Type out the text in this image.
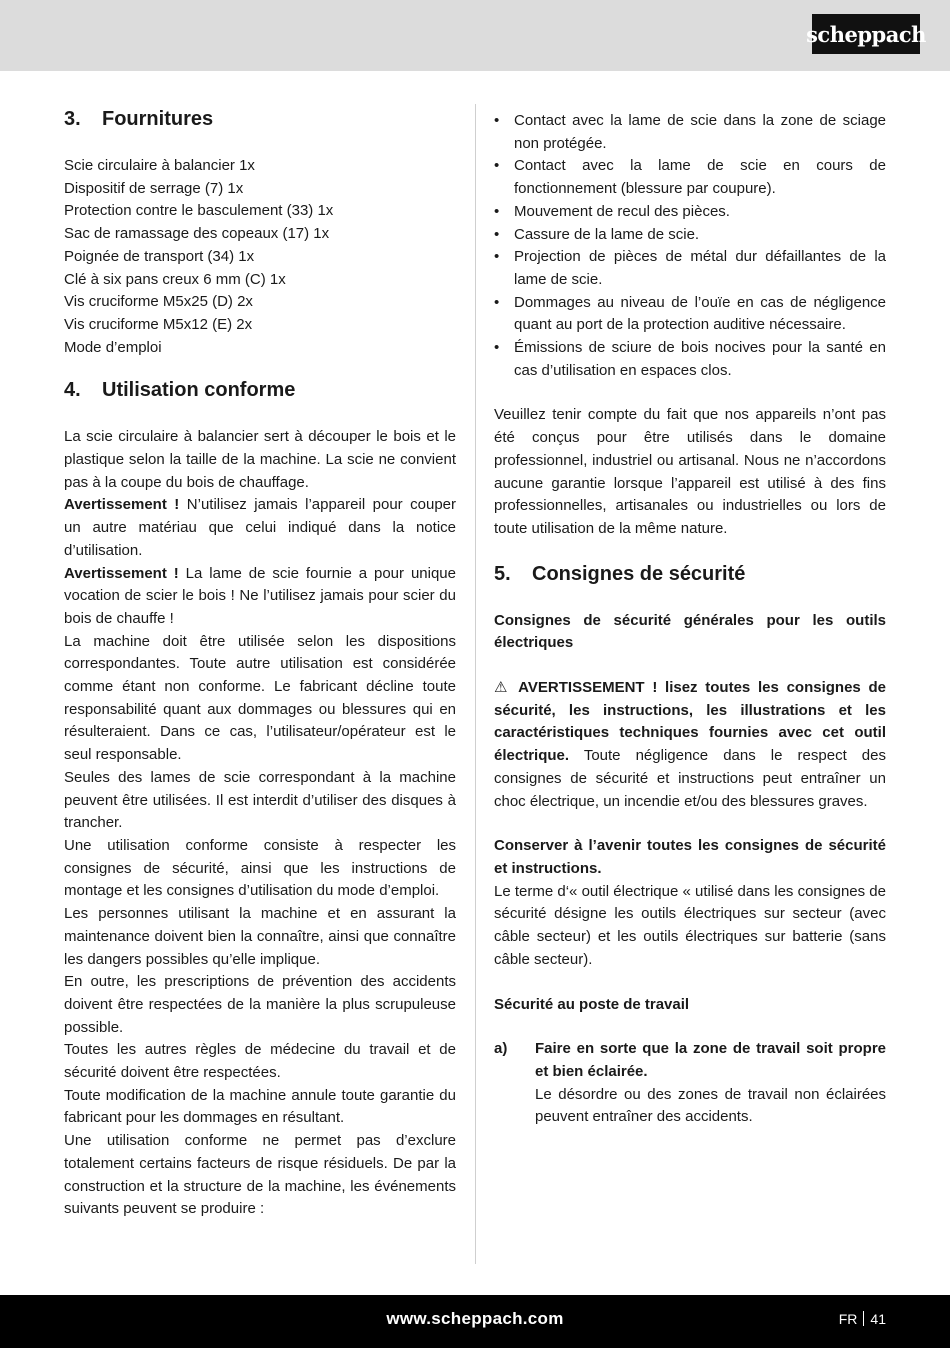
scheppach
3. Fournitures

Scie circulaire à balancier 1x

Dispositif de serrage (7) 1x

Protection contre le basculement (33) 1x

Sac de ramassage des copeaux (17) 1x

Poignée de transport (34) 1x

Clé à six pans creux 6 mm (C) 1x

Vis cruciforme M5x25 (D) 2x

Vis cruciforme M5x12 (E) 2x

Mode d’emploi

4. Utilisation conforme

La scie circulaire à balancier sert à découper le bois et le plastique selon la taille de la machine. La scie ne convient pas à la coupe du bois de chauffage.

Avertissement ! N’utilisez jamais l’appareil pour couper un autre matériau que celui indiqué dans la notice d’utilisation.

Avertissement ! La lame de scie fournie a pour unique vocation de scier le bois ! Ne l’utilisez jamais pour scier du bois de chauffe !

La machine doit être utilisée selon les dispositions correspondantes. Toute autre utilisation est considérée comme étant non conforme. Le fabricant décline toute responsabilité quant aux dommages ou blessures qui en résulteraient. Dans ce cas, l’utilisateur/opérateur est le seul responsable.

Seules des lames de scie correspondant à la machine peuvent être utilisées. Il est interdit d’utiliser des disques à trancher.

Une utilisation conforme consiste à respecter les consignes de sécurité, ainsi que les instructions de montage et les consignes d’utilisation du mode d’emploi.

Les personnes utilisant la machine et en assurant la maintenance doivent bien la connaître, ainsi que connaître les dangers possibles qu’elle implique.

En outre, les prescriptions de prévention des accidents doivent être respectées de la manière la plus scrupuleuse possible.

Toutes les autres règles de médecine du travail et de sécurité doivent être respectées.

Toute modification de la machine annule toute garantie du fabricant pour les dommages en résultant.

Une utilisation conforme ne permet pas d’exclure totalement certains facteurs de risque résiduels. De par la construction et la structure de la machine, les événements suivants peuvent se produire :

• Contact avec la lame de scie dans la zone de sciage non protégée.
• Contact avec la lame de scie en cours de fonctionnement (blessure par coupure).
• Mouvement de recul des pièces.
• Cassure de la lame de scie.
• Projection de pièces de métal dur défaillantes de la lame de scie.
• Dommages au niveau de l’ouïe en cas de négligence quant au port de la protection auditive nécessaire.
• Émissions de sciure de bois nocives pour la santé en cas d’utilisation en espaces clos.

Veuillez tenir compte du fait que nos appareils n’ont pas été conçus pour être utilisés dans le domaine professionnel, industriel ou artisanal. Nous ne n’accordons aucune garantie lorsque l’appareil est utilisé à des fins professionnelles, artisanales ou industrielles ou lors de toute utilisation de la même nature.

5. Consignes de sécurité

Consignes de sécurité générales pour les outils électriques

⚠ AVERTISSEMENT ! lisez toutes les consignes de sécurité, les instructions, les illustrations et les caractéristiques techniques fournies avec cet outil électrique. Toute négligence dans le respect des consignes de sécurité et instructions peut entraîner un choc électrique, un incendie et/ou des blessures graves.

Conserver à l’avenir toutes les consignes de sécurité et instructions.

Le terme d‘« outil électrique « utilisé dans les consignes de sécurité désigne les outils électriques sur secteur (avec câble secteur) et les outils électriques sur batterie (sans câble secteur).

Sécurité au poste de travail

a)	Faire en sorte que la zone de travail soit propre et bien éclairée.

Le désordre ou des zones de travail non éclairées peuvent entraîner des accidents.

www.scheppach.com	FR 41
